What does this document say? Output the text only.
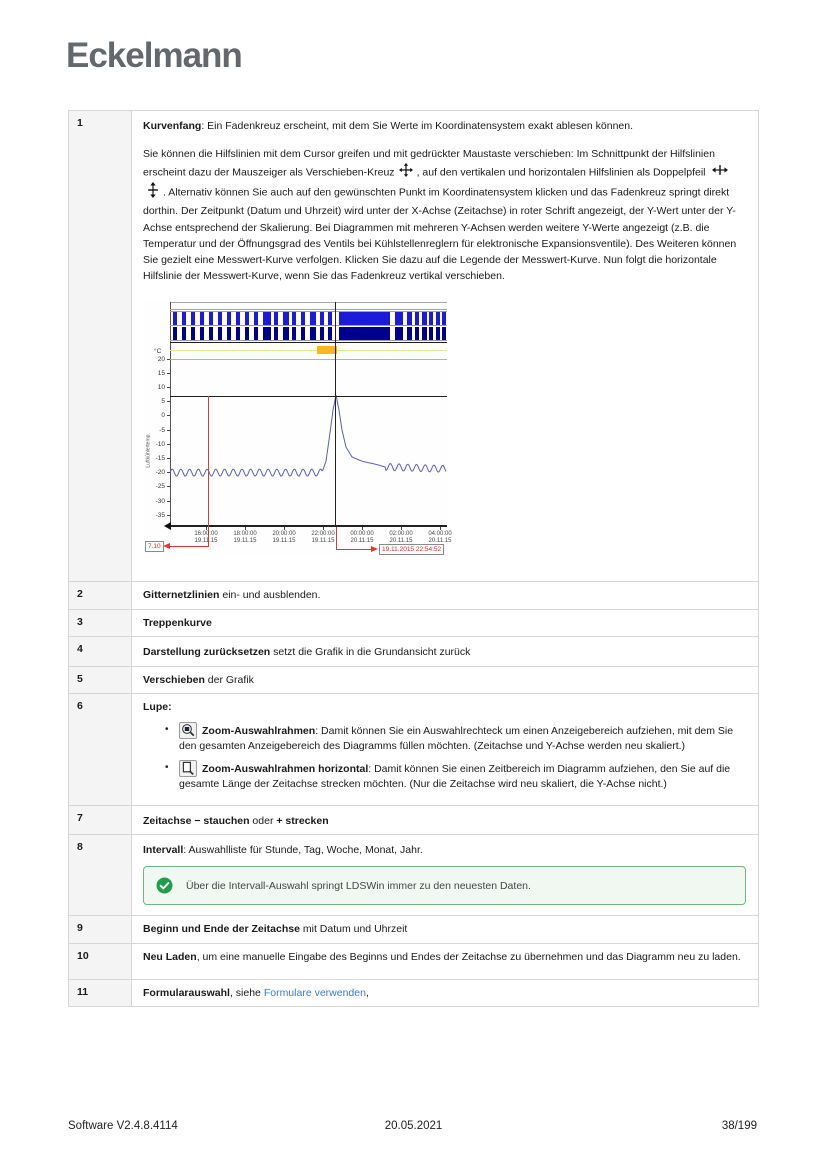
Eckelmann
1	Kurvenfang: Ein Fadenkreuz erscheint, mit dem Sie Werte im Koordinatensystem exakt ablesen können.

Sie können die Hilfslinien mit dem Cursor greifen und mit gedrückter Maustaste verschieben: Im Schnittpunkt der Hilfslinien erscheint dazu der Mauszeiger als Verschieben-Kreuz , auf den vertikalen und horizontalen Hilfslinien als Doppelpfeil . Alternativ können Sie auch auf den gewünschten Punkt im Koordinatensystem klicken und das Fadenkreuz springt direkt dorthin. Der Zeitpunkt (Datum und Uhrzeit) wird unter der X-Achse (Zeitachse) in roter Schrift angezeigt, der Y-Wert unter der Y-Achse entsprechend der Skalierung. Bei Diagrammen mit mehreren Y-Achsen werden weitere Y-Werte angezeigt (z.B. die Temperatur und der Öffnungsgrad des Ventils bei Kühlstellenreglern für elektronische Expansionsventile). Des Weiteren können Sie gezielt eine Messwert-Kurve verfolgen. Klicken Sie dazu auf die Legende der Messwert-Kurve. Nun folgt die horizontale Hilfslinie der Messwert-Kurve, wenn Sie das Fadenkreuz vertikal verschieben.

7.10	19.11.2015 22:54:52
°C
Luftkühlertemp.
20
15
10
5
0
-5
-10
-15
-20
-25
-30
-35
16:00:00
19.11.15
18:00:00
19.11.15
20:00:00
19.11.15
22:00:00
19.11.15
00:00:00
20.11.15
02:00:00
20.11.15
04:00:00
20.11.15
2	Gitternetzlinien ein- und ausblenden.
3	Treppenkurve
4	Darstellung zurücksetzen setzt die Grafik in die Grundansicht zurück
5	Verschieben der Grafik
6	Lupe:
•	Zoom-Auswahlrahmen: Damit können Sie ein Auswahlrechteck um einen Anzeigebereich aufziehen, mit dem Sie den gesamten Anzeigebereich des Diagramms füllen möchten. (Zeitachse und Y-Achse werden neu skaliert.)
•	Zoom-Auswahlrahmen horizontal: Damit können Sie einen Zeitbereich im Diagramm aufziehen, den Sie auf die gesamte Länge der Zeitachse strecken möchten. (Nur die Zeitachse wird neu skaliert, die Y-Achse nicht.)
7	Zeitachse − stauchen oder + strecken
8	Intervall: Auswahlliste für Stunde, Tag, Woche, Monat, Jahr.
Über die Intervall-Auswahl springt LDSWin immer zu den neuesten Daten.
9	Beginn und Ende der Zeitachse mit Datum und Uhrzeit
10	Neu Laden, um eine manuelle Eingabe des Beginns und Endes der Zeitachse zu übernehmen und das Diagramm neu zu laden.
11	Formularauswahl, siehe Formulare verwenden,
20.05.2021
Software V2.4.8.4114	38/199
